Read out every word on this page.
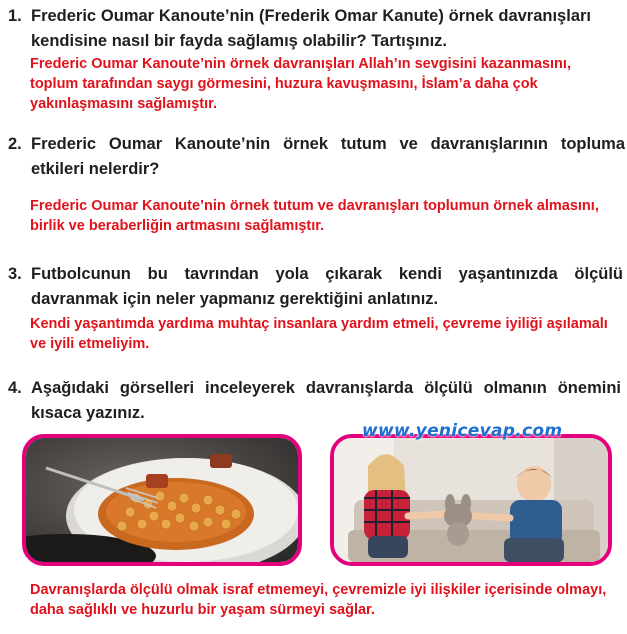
1. Frederic Oumar Kanoute’nin (Frederik Omar Kanute) örnek davranışları kendisine nasıl bir fayda sağlamış olabilir? Tartışınız.
Frederic Oumar Kanoute’nin örnek davranışları Allah’ın sevgisini kazanmasını, toplum tarafından saygı görmesini, huzura kavuşmasını, İslam’a daha çok yakınlaşmasını sağlamıştır.
2. Frederic Oumar Kanoute’nin örnek tutum ve davranışlarının topluma etkileri nelerdir?
Frederic Oumar Kanoute’nin örnek tutum ve davranışları toplumun örnek almasını, birlik ve beraberliğin artmasını sağlamıştır.
3. Futbolcunun bu tavrından yola çıkarak kendi yaşantınızda ölçülü davranmak için neler yapmanız gerektiğini anlatınız.
Kendi yaşantımda yardıma muhtaç insanlara yardım etmeli, çevreme iyiliği aşılamalı ve iyili etmeliyim.
4. Aşağıdaki görselleri inceleyerek davranışlarda ölçülü olmanın önemini kısaca yazınız.
www.yenicevap.com
Davranışlarda ölçülü olmak israf etmemeyi, çevremizle iyi ilişkiler içerisinde olmayı, daha sağlıklı ve huzurlu bir yaşam sürmeyi sağlar.
